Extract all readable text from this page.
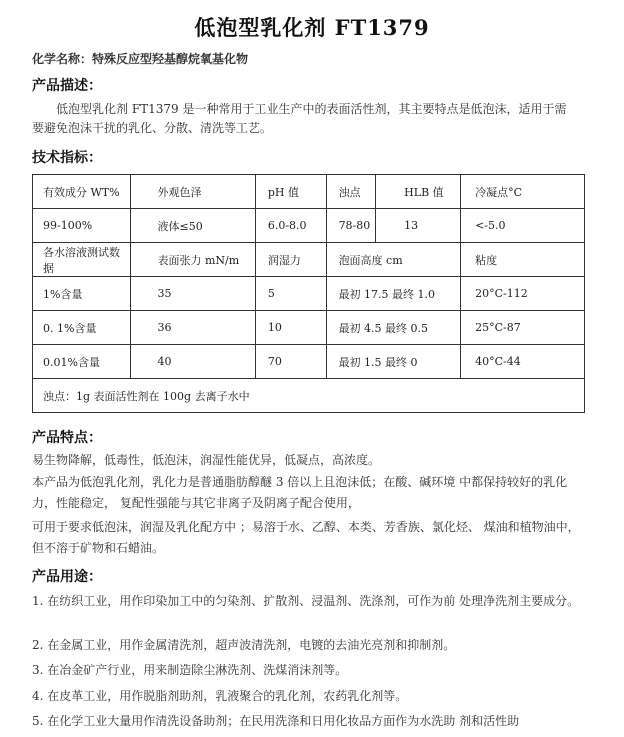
低泡型乳化剂 FT1379
化学名称：特殊反应型羟基醇烷氧基化物
产品描述：
低泡型乳化剂 FT1379 是一种常用于工业生产中的表面活性剂，其主要特点是低泡沫，适用于需要避免泡沫干扰的乳化、分散、清洗等工艺。
技术指标：
有效成分 WT%	外观色泽	pH 值	浊点	HLB 值	冷凝点°C
99-100%	液体≤50	6.0-8.0	78-80	13	<-5.0
各水溶液测试数据	表面张力 mN/m	润湿力	泡面高度 cm		粘度
1%含量	35	5	最初 17.5 最终 1.0		20°C-112
0. 1%含量	36	10	最初 4.5 最终 0.5		25°C-87
0.01%含量	40	70	最初 1.5 最终 0		40°C-44
浊点：1g 表面活性剂在 100g 去离子水中					
产品特点：
易生物降解，低毒性，低泡沫，润湿性能优异，低凝点，高浓度。
本产品为低泡乳化剂，乳化力是普通脂肪醇醚 3 倍以上且泡沫低；在酸、碱环境 中都保持较好的乳化力，性能稳定， 复配性强能与其它非离子及阴离子配合使用，
可用于要求低泡沫，润湿及乳化配方中 ；易溶于水、乙醇、本类、芳香族、氯化烃、 煤油和植物油中，但不溶于矿物和石蜡油。
产品用途：
1. 在纺织工业，用作印染加工中的匀染剂、扩散剂、浸温剂、洗涤剂，可作为前 处理净洗剂主要成分。
2. 在金属工业，用作金属清洗剂，超声波清洗剂，电镀的去油光亮剂和抑制剂。
3. 在冶金矿产行业，用来制造除尘淋洗剂、洗煤消沫剂等。
4. 在皮革工业，用作脱脂剂助剂，乳液聚合的乳化剂，农药乳化剂等。
5. 在化学工业大量用作清洗设备助剂；在民用洗涤和日用化妆品方面作为水洗助 剂和活性助
